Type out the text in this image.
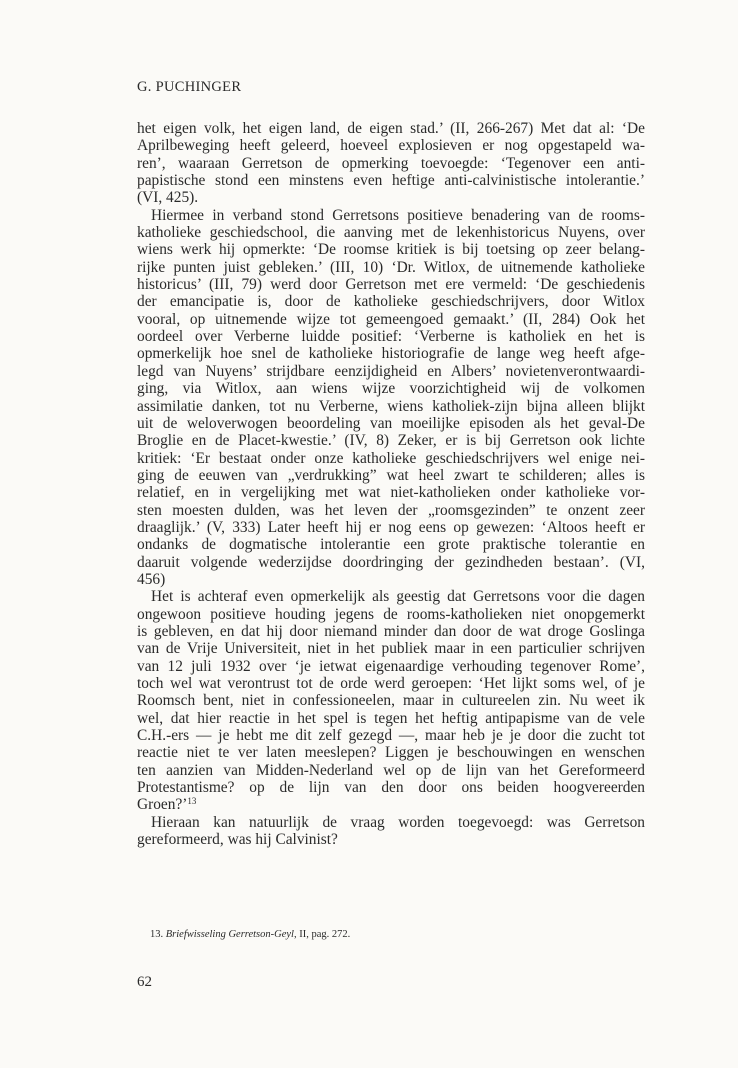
G. PUCHINGER
het eigen volk, het eigen land, de eigen stad.’ (II, 266-267) Met dat al: ‘De
Aprilbeweging heeft geleerd, hoeveel explosieven er nog opgestapeld wa-
ren’, waaraan Gerretson de opmerking toevoegde: ‘Tegenover een anti-
papistische stond een minstens even heftige anti-calvinistische intolerantie.’
(VI, 425).
Hiermee in verband stond Gerretsons positieve benadering van de rooms-
katholieke geschiedschool, die aanving met de lekenhistoricus Nuyens, over
wiens werk hij opmerkte: ‘De roomse kritiek is bij toetsing op zeer belang-
rijke punten juist gebleken.’ (III, 10) ‘Dr. Witlox, de uitnemende katholieke
historicus’ (III, 79) werd door Gerretson met ere vermeld: ‘De geschiedenis
der emancipatie is, door de katholieke geschiedschrijvers, door Witlox
vooral, op uitnemende wijze tot gemeengoed gemaakt.’ (II, 284) Ook het
oordeel over Verberne luidde positief: ‘Verberne is katholiek en het is
opmerkelijk hoe snel de katholieke historiografie de lange weg heeft afge-
legd van Nuyens’ strijdbare eenzijdigheid en Albers’ novietenverontwaardi-
ging, via Witlox, aan wiens wijze voorzichtigheid wij de volkomen
assimilatie danken, tot nu Verberne, wiens katholiek-zijn bijna alleen blijkt
uit de weloverwogen beoordeling van moeilijke episoden als het geval-De
Broglie en de Placet-kwestie.’ (IV, 8) Zeker, er is bij Gerretson ook lichte
kritiek: ‘Er bestaat onder onze katholieke geschiedschrijvers wel enige nei-
ging de eeuwen van „verdrukking” wat heel zwart te schilderen; alles is
relatief, en in vergelijking met wat niet-katholieken onder katholieke vor-
sten moesten dulden, was het leven der „roomsgezinden” te onzent zeer
draaglijk.’ (V, 333) Later heeft hij er nog eens op gewezen: ‘Altoos heeft er
ondanks de dogmatische intolerantie een grote praktische tolerantie en
daaruit volgende wederzijdse doordringing der gezindheden bestaan’. (VI,
456)
Het is achteraf even opmerkelijk als geestig dat Gerretsons voor die dagen
ongewoon positieve houding jegens de rooms-katholieken niet onopgemerkt
is gebleven, en dat hij door niemand minder dan door de wat droge Goslinga
van de Vrije Universiteit, niet in het publiek maar in een particulier schrijven
van 12 juli 1932 over ‘je ietwat eigenaardige verhouding tegenover Rome’,
toch wel wat verontrust tot de orde werd geroepen: ‘Het lijkt soms wel, of je
Roomsch bent, niet in confessioneelen, maar in cultureelen zin. Nu weet ik
wel, dat hier reactie in het spel is tegen het heftig antipapisme van de vele
C.H.-ers — je hebt me dit zelf gezegd —, maar heb je je door die zucht tot
reactie niet te ver laten meeslepen? Liggen je beschouwingen en wenschen
ten aanzien van Midden-Nederland wel op de lijn van het Gereformeerd
Protestantisme? op de lijn van den door ons beiden hoogvereerden
Groen?’$^{13}$
Hieraan kan natuurlijk de vraag worden toegevoegd: was Gerretson
gereformeerd, was hij Calvinist?
13. Briefwisseling Gerretson-Geyl, II, pag. 272.
62
